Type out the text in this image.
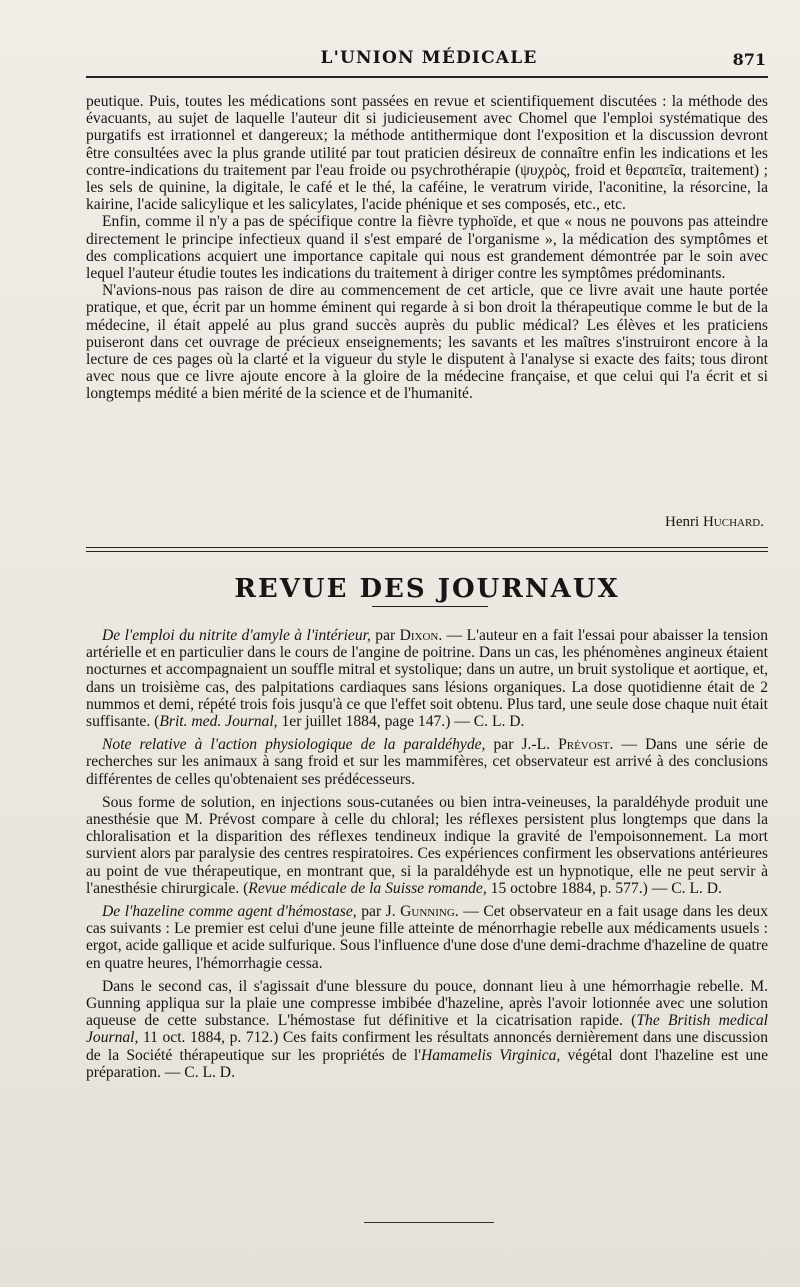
L'UNION MÉDICALE	871

peutique. Puis, toutes les médications sont passées en revue et scientifiquement discutées : la méthode des évacuants, au sujet de laquelle l'auteur dit si judicieusement avec Chomel que l'emploi systématique des purgatifs est irrationnel et dangereux; la méthode antithermique dont l'exposition et la discussion devront être consultées avec la plus grande utilité par tout praticien désireux de connaître enfin les indications et les contre-indications du traitement par l'eau froide ou psychrothérapie (ψυχρὸς, froid et θεραπεῖα, traitement) ; les sels de quinine, la digitale, le café et le thé, la caféine, le veratrum viride, l'aconitine, la résorcine, la kairine, l'acide salicylique et les salicylates, l'acide phénique et ses composés, etc., etc.

Enfin, comme il n'y a pas de spécifique contre la fièvre typhoïde, et que « nous ne pouvons pas atteindre directement le principe infectieux quand il s'est emparé de l'organisme », la médication des symptômes et des complications acquiert une importance capitale qui nous est grandement démontrée par le soin avec lequel l'auteur étudie toutes les indications du traitement à diriger contre les symptômes prédominants.

N'avions-nous pas raison de dire au commencement de cet article, que ce livre avait une haute portée pratique, et que, écrit par un homme éminent qui regarde à si bon droit la thérapeutique comme le but de la médecine, il était appelé au plus grand succès auprès du public médical? Les élèves et les praticiens puiseront dans cet ouvrage de précieux enseignements; les savants et les maîtres s'instruiront encore à la lecture de ces pages où la clarté et la vigueur du style le disputent à l'analyse si exacte des faits; tous diront avec nous que ce livre ajoute encore à la gloire de la médecine française, et que celui qui l'a écrit et si longtemps médité a bien mérité de la science et de l'humanité.

Henri Huchard.
REVUE DES JOURNAUX

De l'emploi du nitrite d'amyle à l'intérieur, par Dixon. — L'auteur en a fait l'essai pour abaisser la tension artérielle et en particulier dans le cours de l'angine de poitrine. Dans un cas, les phénomènes angineux étaient nocturnes et accompagnaient un souffle mitral et systolique; dans un autre, un bruit systolique et aortique, et, dans un troisième cas, des palpitations cardiaques sans lésions organiques. La dose quotidienne était de 2 nummos et demi, répété trois fois jusqu'à ce que l'effet soit obtenu. Plus tard, une seule dose chaque nuit était suffisante. (Brit. med. Journal, 1er juillet 1884, page 147.) — C. L. D.

Note relative à l'action physiologique de la paraldéhyde, par J.-L. Prévost. — Dans une série de recherches sur les animaux à sang froid et sur les mammifères, cet observateur est arrivé à des conclusions différentes de celles qu'obtenaient ses prédécesseurs.

Sous forme de solution, en injections sous-cutanées ou bien intra-veineuses, la paraldéhyde produit une anesthésie que M. Prévost compare à celle du chloral; les réflexes persistent plus longtemps que dans la chloralisation et la disparition des réflexes tendineux indique la gravité de l'empoisonnement. La mort survient alors par paralysie des centres respiratoires. Ces expériences confirment les observations antérieures au point de vue thérapeutique, en montrant que, si la paraldéhyde est un hypnotique, elle ne peut servir à l'anesthésie chirurgicale. (Revue médicale de la Suisse romande, 15 octobre 1884, p. 577.) — C. L. D.

De l'hazeline comme agent d'hémostase, par J. Gunning. — Cet observateur en a fait usage dans les deux cas suivants : Le premier est celui d'une jeune fille atteinte de ménorrhagie rebelle aux médicaments usuels : ergot, acide gallique et acide sulfurique. Sous l'influence d'une dose d'une demi-drachme d'hazeline de quatre en quatre heures, l'hémorrhagie cessa.

Dans le second cas, il s'agissait d'une blessure du pouce, donnant lieu à une hémorrhagie rebelle. M. Gunning appliqua sur la plaie une compresse imbibée d'hazeline, après l'avoir lotionnée avec une solution aqueuse de cette substance. L'hémostase fut définitive et la cicatrisation rapide. (The British medical Journal, 11 oct. 1884, p. 712.) Ces faits confirment les résultats annoncés dernièrement dans une discussion de la Société thérapeutique sur les propriétés de l'Hamamelis Virginica, végétal dont l'hazeline est une préparation. — C. L. D.
